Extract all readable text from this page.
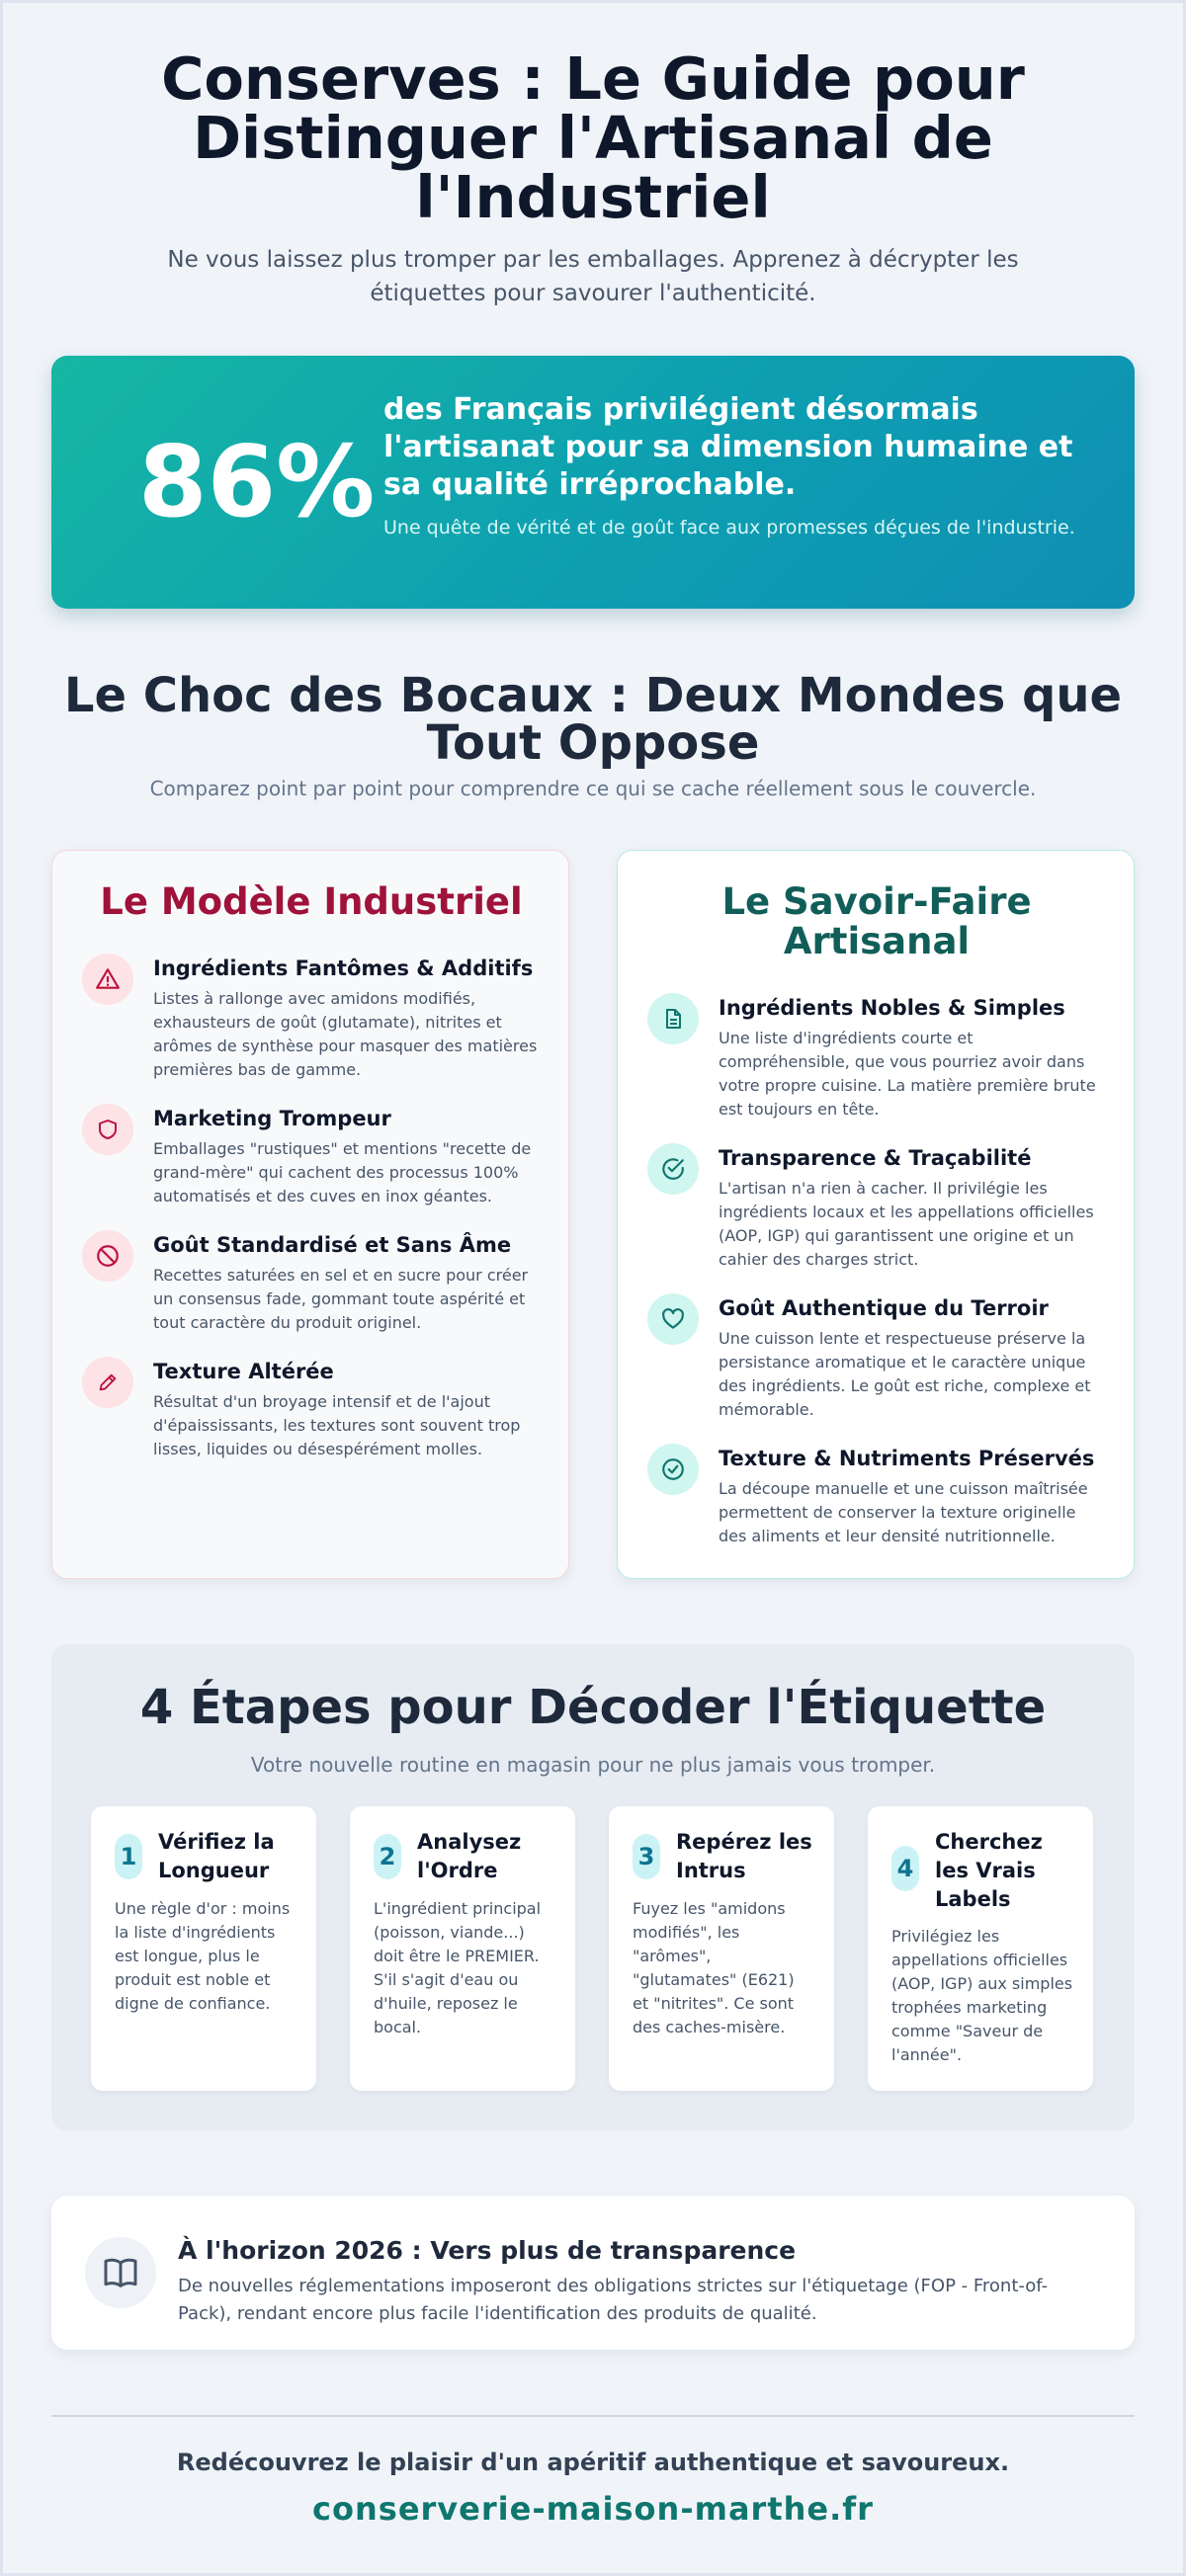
Conserves : Le Guide pour Distinguer l'Artisanal de l'Industriel

Ne vous laissez plus tromper par les emballages. Apprenez à décrypter les étiquettes pour savourer l'authenticité.

86%
des Français privilégient désormais l'artisanat pour sa dimension humaine et sa qualité irréprochable.
Une quête de vérité et de goût face aux promesses déçues de l'industrie.
Le Choc des Bocaux : Deux Mondes que Tout Oppose

Comparez point par point pour comprendre ce qui se cache réellement sous le couvercle.

Le Modèle Industriel
Ingrédients Fantômes & Additifs
Listes à rallonge avec amidons modifiés, exhausteurs de goût (glutamate), nitrites et arômes de synthèse pour masquer des matières premières bas de gamme.
Marketing Trompeur
Emballages "rustiques" et mentions "recette de grand-mère" qui cachent des processus 100% automatisés et des cuves en inox géantes.
Goût Standardisé et Sans Âme
Recettes saturées en sel et en sucre pour créer un consensus fade, gommant toute aspérité et tout caractère du produit originel.
Texture Altérée
Résultat d'un broyage intensif et de l'ajout d'épaississants, les textures sont souvent trop lisses, liquides ou désespérément molles.
Le Savoir-Faire Artisanal
Ingrédients Nobles & Simples
Une liste d'ingrédients courte et compréhensible, que vous pourriez avoir dans votre propre cuisine. La matière première brute est toujours en tête.
Transparence & Traçabilité
L'artisan n'a rien à cacher. Il privilégie les ingrédients locaux et les appellations officielles (AOP, IGP) qui garantissent une origine et un cahier des charges strict.
Goût Authentique du Terroir
Une cuisson lente et respectueuse préserve la persistance aromatique et le caractère unique des ingrédients. Le goût est riche, complexe et mémorable.
Texture & Nutriments Préservés
La découpe manuelle et une cuisson maîtrisée permettent de conserver la texture originelle des aliments et leur densité nutritionnelle.
4 Étapes pour Décoder l'Étiquette

Votre nouvelle routine en magasin pour ne plus jamais vous tromper.

1
Vérifiez la Longueur
Une règle d'or : moins la liste d'ingrédients est longue, plus le produit est noble et digne de confiance.
2
Analysez l'Ordre
L'ingrédient principal (poisson, viande...) doit être le PREMIER. S'il s'agit d'eau ou d'huile, reposez le bocal.
3
Repérez les Intrus
Fuyez les "amidons modifiés", les "arômes", "glutamates" (E621) et "nitrites". Ce sont des caches-misère.
4
Cherchez les Vrais Labels
Privilégiez les appellations officielles (AOP, IGP) aux simples trophées marketing comme "Saveur de l'année".
À l'horizon 2026 : Vers plus de transparence
De nouvelles réglementations imposeront des obligations strictes sur l'étiquetage (FOP - Front-of-Pack), rendant encore plus facile l'identification des produits de qualité.

Redécouvrez le plaisir d'un apéritif authentique et savoureux.

conserverie-maison-marthe.fr
